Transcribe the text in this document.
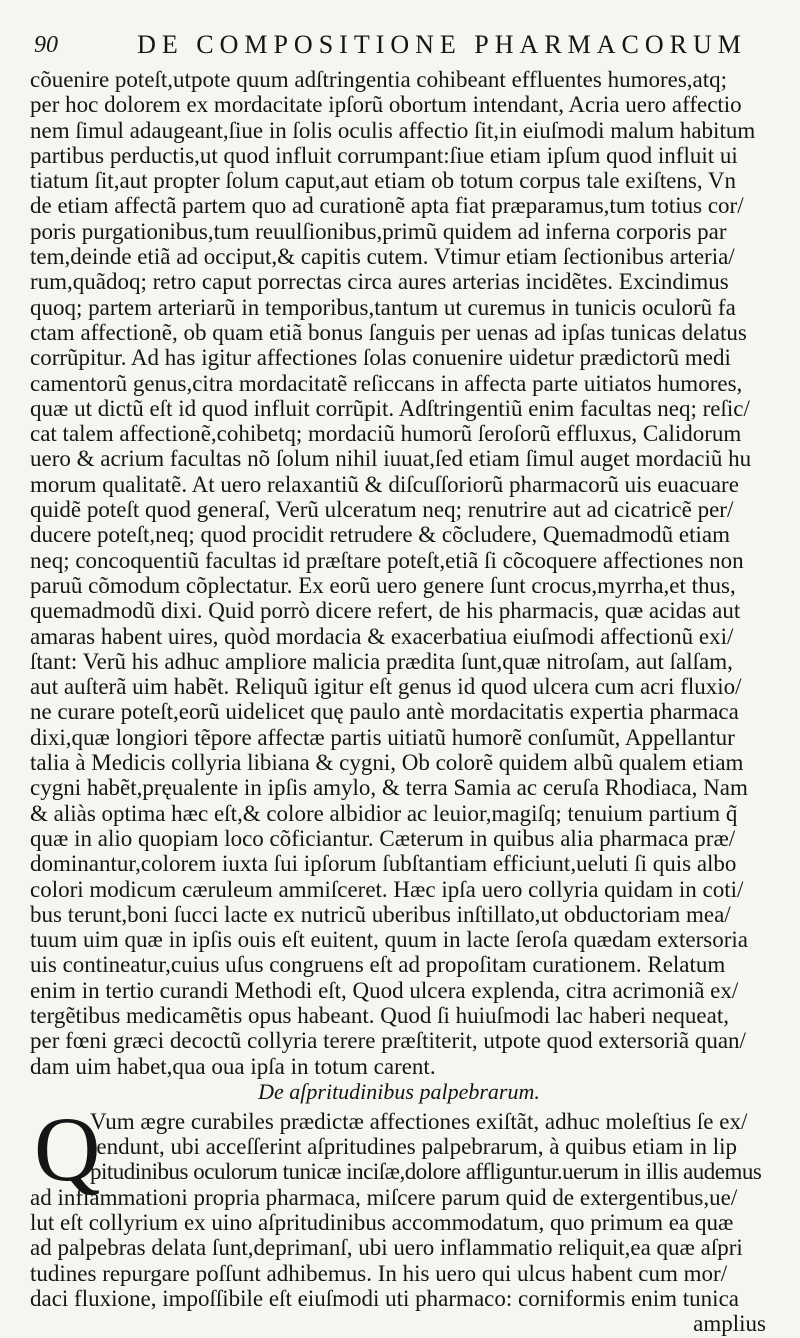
90	DE COMPOSITIONE PHARMACORUM
cõuenire poteſt,utpote quum adſtringentia cohibeant effluentes humores,atq;
per hoc dolorem ex mordacitate ipſorũ obortum intendant, Acria uero affectio
nem ſimul adaugeant,ſiue in ſolis oculis affectio ſit,in eiuſmodi malum habitum
partibus perductis,ut quod influit corrumpant:ſiue etiam ipſum quod influit ui
tiatum ſit,aut propter ſolum caput,aut etiam ob totum corpus tale exiſtens, Vn
de etiam affectã partem quo ad curationẽ apta fiat præparamus,tum totius cor/
poris purgationibus,tum reuulſionibus,primũ quidem ad inferna corporis par
tem,deinde etiã ad occiput,& capitis cutem. Vtimur etiam ſectionibus arteria/
rum,quãdoq; retro caput porrectas circa aures arterias incidẽtes. Excindimus
quoq; partem arteriarũ in temporibus,tantum ut curemus in tunicis oculorũ fa
ctam affectionẽ, ob quam etiã bonus ſanguis per uenas ad ipſas tunicas delatus
corrũpitur. Ad has igitur affectiones ſolas conuenire uidetur prædictorũ medi
camentorũ genus,citra mordacitatẽ reſiccans in affecta parte uitiatos humores,
quæ ut dictũ eſt id quod influit corrũpit. Adſtringentiũ enim facultas neq; reſic/
cat talem affectionẽ,cohibetq; mordaciũ humorũ ſeroſorũ effluxus, Calidorum
uero & acrium facultas nõ ſolum nihil iuuat,ſed etiam ſimul auget mordaciũ hu
morum qualitatẽ. At uero relaxantiũ & diſcuſſoriorũ pharmacorũ uis euacuare
quidẽ poteſt quod generaſ, Verũ ulceratum neq; renutrire aut ad cicatricẽ per/
ducere poteſt,neq; quod procidit retrudere & cõcludere, Quemadmodũ etiam
neq; concoquentiũ facultas id præſtare poteſt,etiã ſi cõcoquere affectiones non
paruũ cõmodum cõplectatur. Ex eorũ uero genere ſunt crocus,myrrha,et thus,
quemadmodũ dixi. Quid porrò dicere refert, de his pharmacis, quæ acidas aut
amaras habent uires, quòd mordacia & exacerbatiua eiuſmodi affectionũ exi/
ſtant: Verũ his adhuc ampliore malicia prædita ſunt,quæ nitroſam, aut ſalſam,
aut auſterã uim habẽt. Reliquũ igitur eſt genus id quod ulcera cum acri fluxio/
ne curare poteſt,eorũ uidelicet quę paulo antè mordacitatis expertia pharmaca
dixi,quæ longiori tẽpore affectæ partis uitiatũ humorẽ conſumũt, Appellantur
talia à Medicis collyria libiana & cygni, Ob colorẽ quidem albũ qualem etiam
cygni habẽt,pręualente in ipſis amylo, & terra Samia ac ceruſa Rhodiaca, Nam
& aliàs optima hæc eſt,& colore albidior ac leuior,magiſq; tenuium partium q̃
quæ in alio quopiam loco cõficiantur. Cæterum in quibus alia pharmaca præ/
dominantur,colorem iuxta ſui ipſorum ſubſtantiam efficiunt,ueluti ſi quis albo
colori modicum cæruleum ammiſceret. Hæc ipſa uero collyria quidam in coti/
bus terunt,boni ſucci lacte ex nutricũ uberibus inſtillato,ut obductoriam mea/
tuum uim quæ in ipſis ouis eſt euitent, quum in lacte ſeroſa quædam extersoria
uis contineatur,cuius uſus congruens eſt ad propoſitam curationem. Relatum
enim in tertio curandi Methodi eſt, Quod ulcera explenda, citra acrimoniã ex/
tergẽtibus medicamẽtis opus habeant. Quod ſi huiuſmodi lac haberi nequeat,
per fœni græci decoctũ collyria terere præſtiterit, utpote quod extersoriã quan/
dam uim habet,qua oua ipſa in totum carent.
De aſpritudinibus palpebrarum.
Q
Vum ægre curabiles prædictæ affectiones exiſtãt, adhuc moleſtius ſe ex/
tendunt, ubi acceſſerint aſpritudines palpebrarum, à quibus etiam in lip
pitudinibus oculorum tunicæ inciſæ,dolore affliguntur.uerum in illis audemus
ad inflammationi propria pharmaca, miſcere parum quid de extergentibus,ue/
lut eſt collyrium ex uino aſpritudinibus accommodatum, quo primum ea quæ
ad palpebras delata ſunt,deprimanſ, ubi uero inflammatio reliquit,ea quæ aſpri
tudines repurgare poſſunt adhibemus. In his uero qui ulcus habent cum mor/
daci fluxione, impoſſibile eſt eiuſmodi uti pharmaco: corniformis enim tunica
amplius
